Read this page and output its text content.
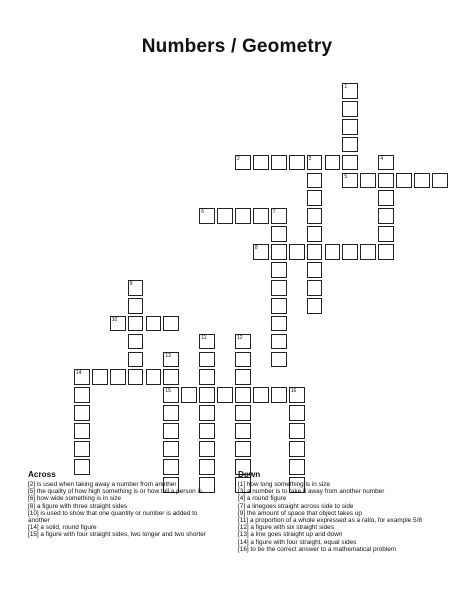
Numbers / Geometry
1
5
2	3	4
6	7
8
9
10
11	12
13
15
14
16
Across
[2] is used when taking away a number from another
[5] the quality of how high something is or how tall a person is
[6] how wide something is in size
[8] a figure with three straight sides
[10] is used to show that one quantity or number is added to another
[14] a solid, round figure
[15] a figure with four straight sides, two longer and two shorter
Down
[1] how long something is in size
[3] a number is to take it away from another number
[4] a round figure
[7] a linegoes straight across side to side
[9] the amount of space that object takes up
[11] a proportion of a whole expressed as a ratio, for example 5/8
[12] a figure with six straight sides
[13] a line goes straight up and down
[14] a figure with four straight, equal sides
[16] to be the correct answer to a mathematical problem
